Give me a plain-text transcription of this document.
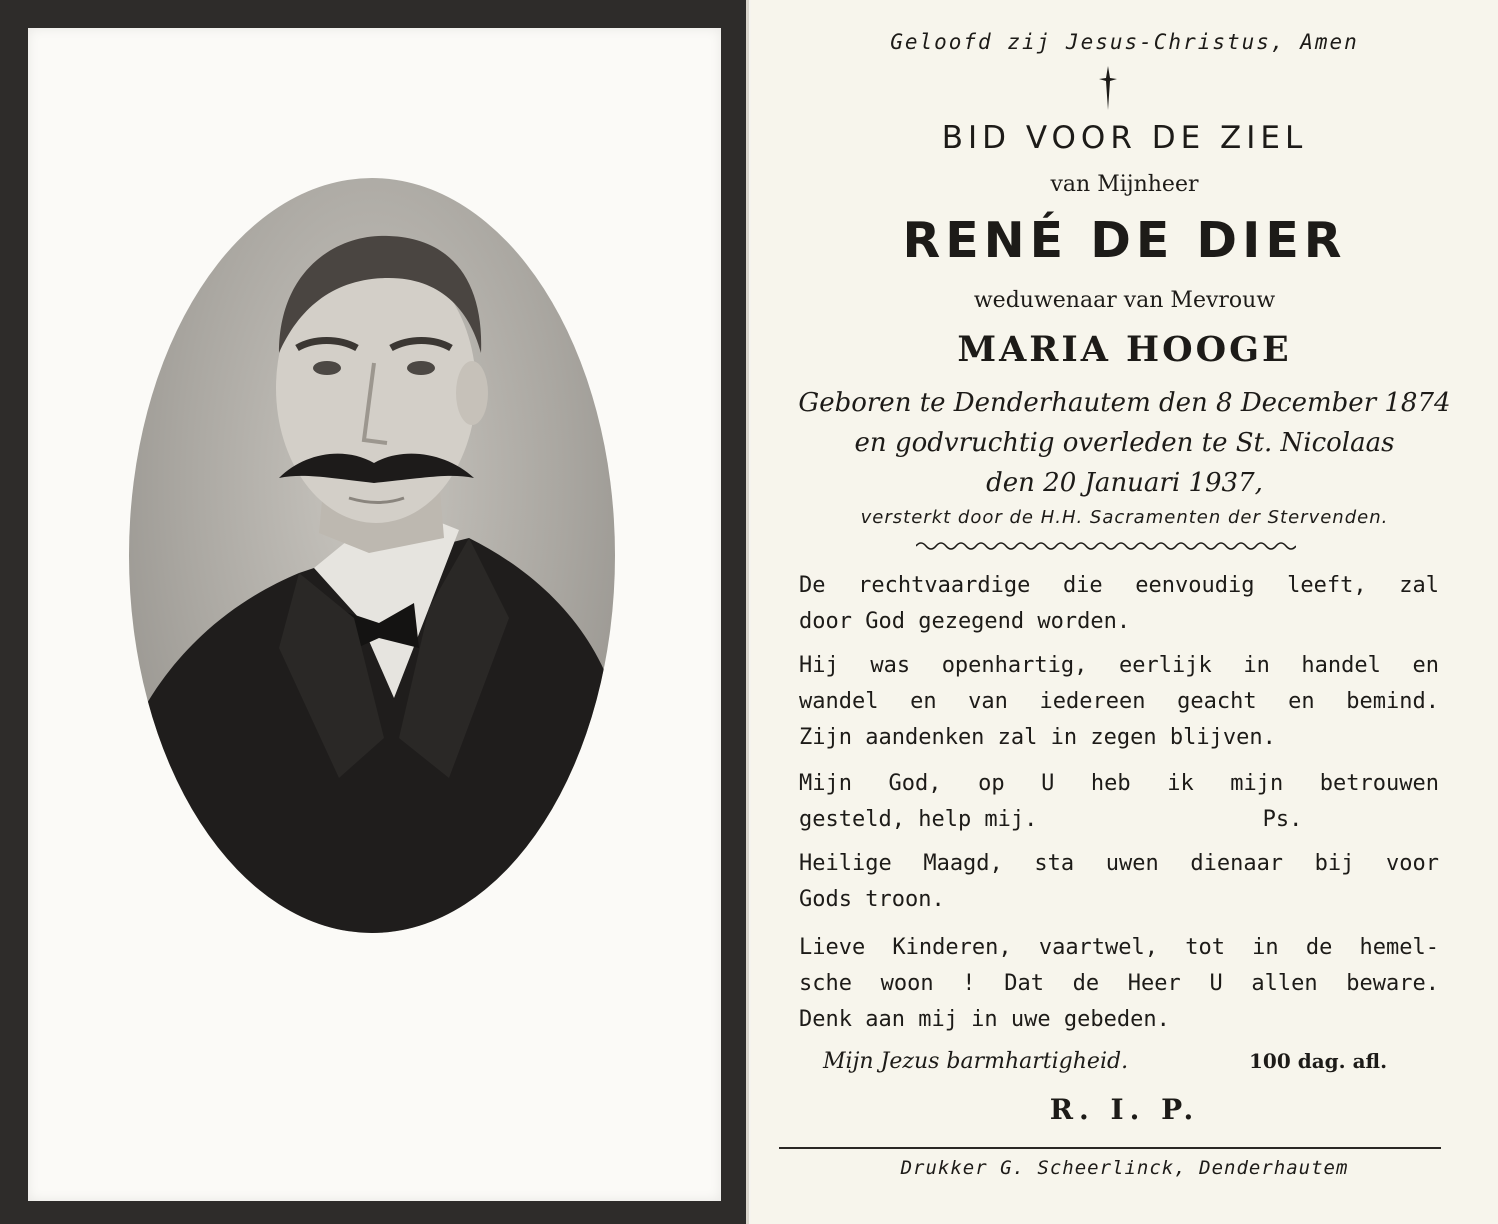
Geloofd zij Jesus-Christus, Amen
BID VOOR DE ZIEL
van Mijnheer
RENÉ DE DIER
weduwenaar van Mevrouw
MARIA HOOGE
Geboren te Denderhautem den 8 December 1874
en godvruchtig overleden te St. Nicolaas
den 20 Januari 1937,
versterkt door de H.H. Sacramenten der Stervenden.
De rechtvaardige die eenvoudig leeft, zal
door God gezegend worden.
Hij was openhartig, eerlijk in handel en
wandel en van iedereen geacht en bemind.
Zijn aandenken zal in zegen blijven.
Mijn God, op U heb ik mijn betrouwen
gesteld, help mij.                 Ps.
Heilige Maagd, sta uwen dienaar bij voor
Gods troon.
Lieve Kinderen, vaartwel, tot in de hemel-
sche woon ! Dat de Heer U allen beware.
Denk aan mij in uwe gebeden.
Mijn Jezus barmhartigheid.	100 dag. afl.
R. I. P.
Drukker G. Scheerlinck, Denderhautem
